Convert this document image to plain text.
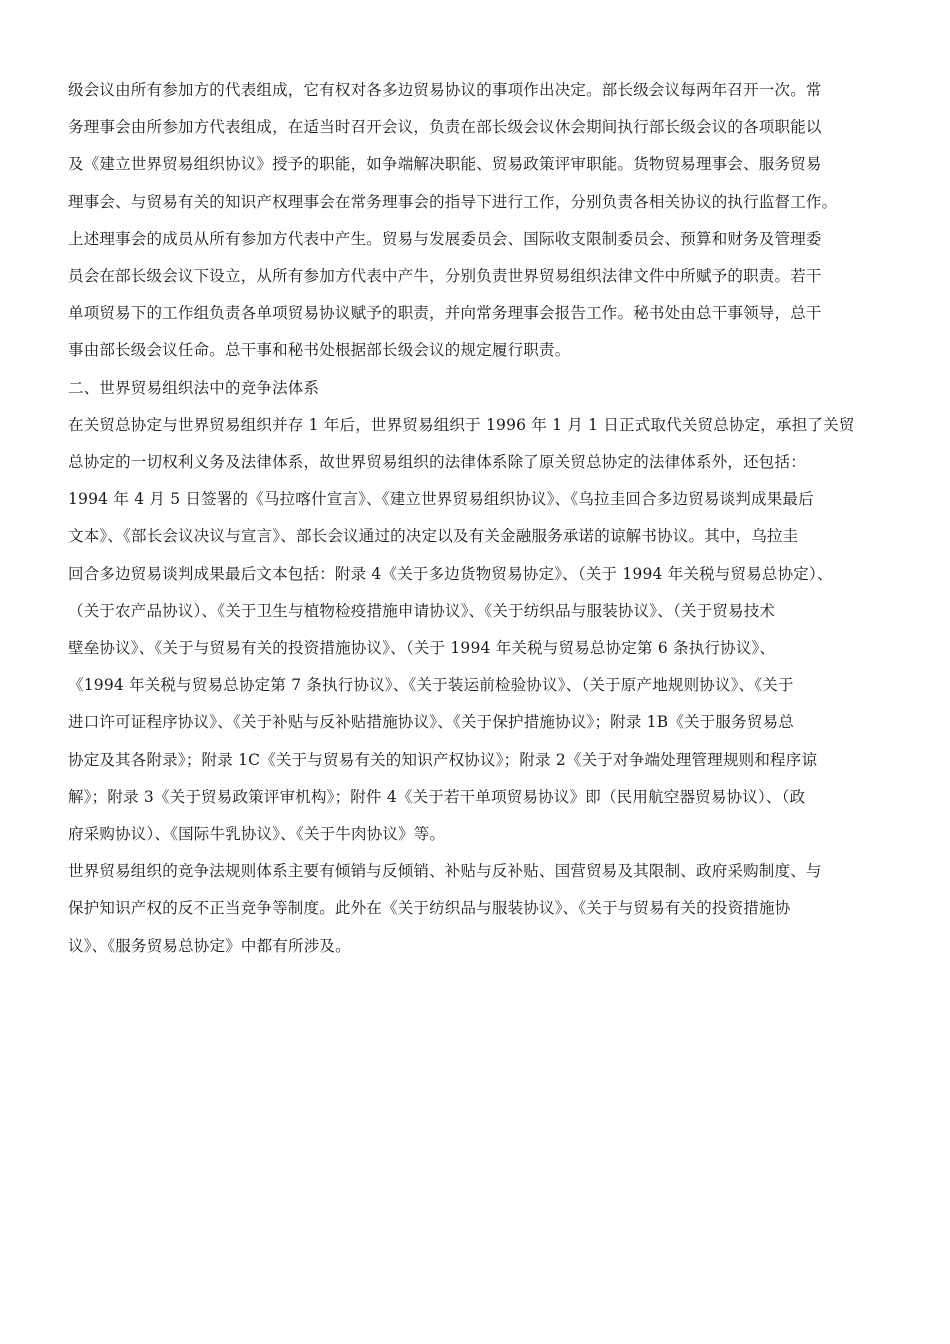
级会议由所有参加方的代表组成，它有权对各多边贸易协议的事项作出决定。部长级会议每两年召开一次。常
务理事会由所参加方代表组成，在适当时召开会议，负责在部长级会议休会期间执行部长级会议的各项职能以
及《建立世界贸易组织协议》授予的职能，如争端解决职能、贸易政策评审职能。货物贸易理事会、服务贸易
理事会、与贸易有关的知识产权理事会在常务理事会的指导下进行工作，分别负责各相关协议的执行监督工作。
上述理事会的成员从所有参加方代表中产生。贸易与发展委员会、国际收支限制委员会、预算和财务及管理委
员会在部长级会议下设立，从所有参加方代表中产牛，分别负责世界贸易组织法律文件中所赋予的职责。若干
单项贸易下的工作组负责各单项贸易协议赋予的职责，并向常务理事会报告工作。秘书处由总干事领导，总干
事由部长级会议任命。总干事和秘书处根据部长级会议的规定履行职责。

二、世界贸易组织法中的竞争法体系

在关贸总协定与世界贸易组织并存 1 年后，世界贸易组织于 1996 年 1 月 1 日正式取代关贸总协定，承担了关贸
总协定的一切权利义务及法律体系，故世界贸易组织的法律体系除了原关贸总协定的法律体系外，还包括：

1994 年 4 月 5 日签署的《马拉喀什宣言》、《建立世界贸易组织协议》、《乌拉圭回合多边贸易谈判成果最后
文本》、《部长会议决议与宣言》、部长会议通过的决定以及有关金融服务承诺的谅解书协议。其中，乌拉圭
回合多边贸易谈判成果最后文本包括：附录 4《关于多边货物贸易协定》、（关于 1994 年关税与贸易总协定）、
（关于农产品协议）、《关于卫生与植物检疫措施申请协议》、《关于纺织品与服装协议》、（关于贸易技术
壁垒协议》、《关于与贸易有关的投资措施协议》、（关于 1994 年关税与贸易总协定第 6 条执行协议》、
《1994 年关税与贸易总协定第 7 条执行协议》、《关于装运前检验协议》、（关于原产地规则协议》、《关于
进口许可证程序协议》、《关于补贴与反补贴措施协议》、《关于保护措施协议》；附录 1B《关于服务贸易总
协定及其各附录》；附录 1C《关于与贸易有关的知识产权协议》；附录 2《关于对争端处理管理规则和程序谅
解》；附录 3《关于贸易政策评审机构》；附件 4《关于若干单项贸易协议》即（民用航空器贸易协议）、（政
府采购协议）、《国际牛乳协议》、《关于牛肉协议》等。

世界贸易组织的竞争法规则体系主要有倾销与反倾销、补贴与反补贴、国营贸易及其限制、政府采购制度、与
保护知识产权的反不正当竞争等制度。此外在《关于纺织品与服装协议》、《关于与贸易有关的投资措施协
议》、《服务贸易总协定》中都有所涉及。
